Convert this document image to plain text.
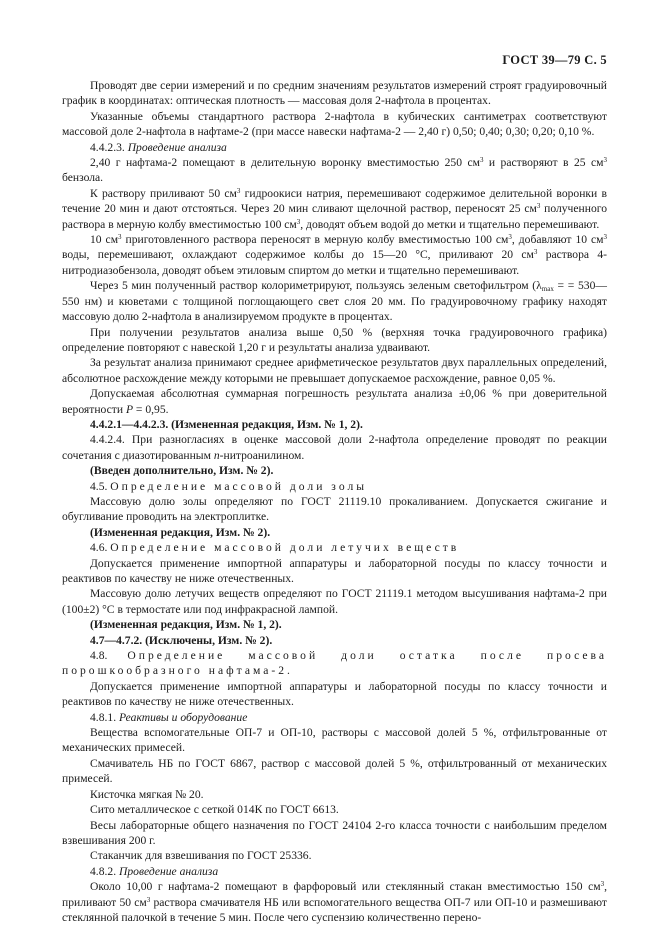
ГОСТ 39—79 С. 5

Проводят две серии измерений и по средним значениям результатов измерений строят градуировочный график в координатах: оптическая плотность — массовая доля 2-нафтола в процентах.

Указанные объемы стандартного раствора 2-нафтола в кубических сантиметрах соответствуют массовой доле 2-нафтола в нафтаме-2 (при массе навески нафтама-2 — 2,40 г) 0,50; 0,40; 0,30; 0,20; 0,10 %.

4.4.2.3. Проведение анализа

2,40 г нафтама-2 помещают в делительную воронку вместимостью 250 $см^3$ и растворяют в 25 $см^3$ бензола.

К раствору приливают 50 $см^3$ гидроокиси натрия, перемешивают содержимое делительной воронки в течение 20 мин и дают отстояться. Через 20 мин сливают щелочной раствор, переносят 25 $см^3$ полученного раствора в мерную колбу вместимостью 100 $см^3$, доводят объем водой до метки и тщательно перемешивают.

10 $см^3$ приготовленного раствора переносят в мерную колбу вместимостью 100 $см^3$, добавляют 10 $см^3$ воды, перемешивают, охлаждают содержимое колбы до 15—20 °С, приливают 20 $см^3$ раствора 4-нитродиазобензола, доводят объем этиловым спиртом до метки и тщательно перемешивают.

Через 5 мин полученный раствор колориметрируют, пользуясь зеленым светофильтром ($\lambda_{max}$ = = 530—550 нм) и кюветами с толщиной поглощающего свет слоя 20 мм. По градуировочному графику находят массовую долю 2-нафтола в анализируемом продукте в процентах.

При получении результатов анализа выше 0,50 % (верхняя точка градуировочного графика) определение повторяют с навеской 1,20 г и результаты анализа удваивают.

За результат анализа принимают среднее арифметическое результатов двух параллельных определений, абсолютное расхождение между которыми не превышает допускаемое расхождение, равное 0,05 %.

Допускаемая абсолютная суммарная погрешность результата анализа ±0,06 % при доверительной вероятности P = 0,95.

4.4.2.1—4.4.2.3. (Измененная редакция, Изм. № 1, 2).

4.4.2.4. При разногласиях в оценке массовой доли 2-нафтола определение проводят по реакции сочетания с диазотированным n-нитроанилином.

(Введен дополнительно, Изм. № 2).

4.5. Определение массовой доли золы

Массовую долю золы определяют по ГОСТ 21119.10 прокаливанием. Допускается сжигание и обугливание проводить на электроплитке.

(Измененная редакция, Изм. № 2).

4.6. Определение массовой доли летучих веществ

Допускается применение импортной аппаратуры и лабораторной посуды по классу точности и реактивов по качеству не ниже отечественных.

Массовую долю летучих веществ определяют по ГОСТ 21119.1 методом высушивания нафтама-2 при (100±2) °С в термостате или под инфракрасной лампой.

(Измененная редакция, Изм. № 1, 2).

4.7—4.7.2. (Исключены, Изм. № 2).

4.8. Определение массовой доли остатка после просева порошкообразного нафтама-2.

Допускается применение импортной аппаратуры и лабораторной посуды по классу точности и реактивов по качеству не ниже отечественных.

4.8.1. Реактивы и оборудование

Вещества вспомогательные ОП-7 и ОП-10, растворы с массовой долей 5 %, отфильтрованные от механических примесей.

Смачиватель НБ по ГОСТ 6867, раствор с массовой долей 5 %, отфильтрованный от механических примесей.

Кисточка мягкая № 20.

Сито металлическое с сеткой 014К по ГОСТ 6613.

Весы лабораторные общего назначения по ГОСТ 24104 2-го класса точности с наибольшим пределом взвешивания 200 г.

Стаканчик для взвешивания по ГОСТ 25336.

4.8.2. Проведение анализа

Около 10,00 г нафтама-2 помещают в фарфоровый или стеклянный стакан вместимостью 150 $см^3$, приливают 50 $см^3$ раствора смачивателя НБ или вспомогательного вещества ОП-7 или ОП-10 и размешивают стеклянной палочкой в течение 5 мин. После чего суспензию количественно перено-
